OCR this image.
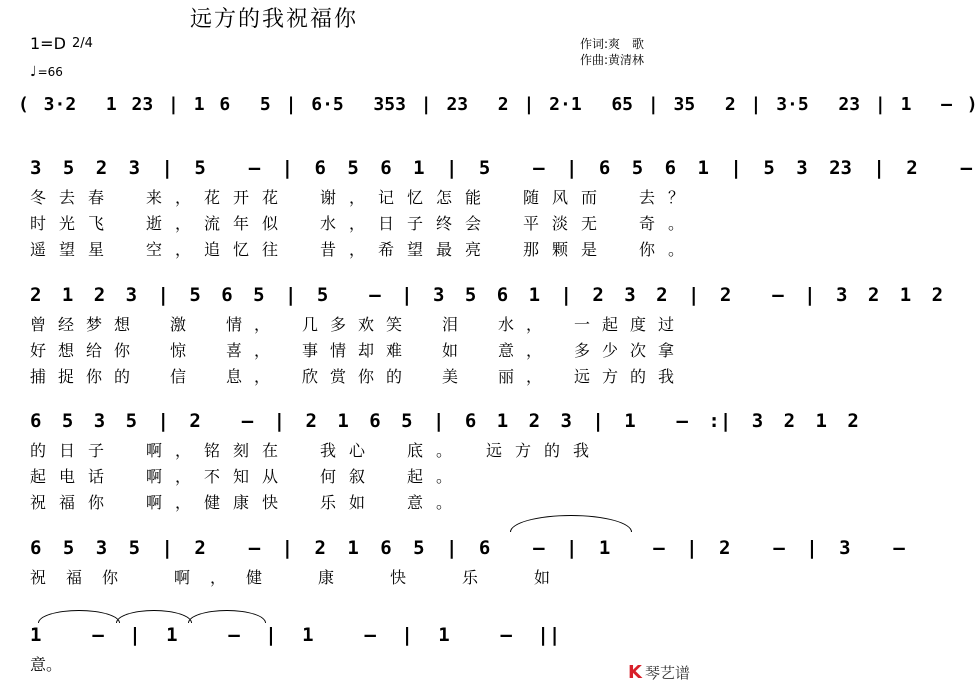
远方的我祝福你
1=D 2/4
♩=66
作词:爽　歌
作曲:黄清林
( 3·2  1 23 | 1 6  5 | 6·5  353 | 23  2 | 2·1  65 | 35  2 | 3·5  23 | 1  – )
3 5 2 3 | 5  – | 6 5 6 1 | 5  – | 6 5 6 1 | 5 3 23 | 2  –
冬去春　来，花开花　谢，记忆怎能　随风而　去？
时光飞　逝，流年似　水，日子终会　平淡无　奇。
遥望星　空，追忆往　昔，希望最亮　那颗是　你。
2 1 2 3 | 5 6 5 | 5  – | 3 5 6 1 | 2 3 2 | 2  – | 3 2 1 2
曾经梦想　激　情，　几多欢笑　泪　水，　一起度过
好想给你　惊　喜，　事情却难　如　意，　多少次拿
捕捉你的　信　息，　欣赏你的　美　丽，　远方的我
6 5 3 5 | 2  – | 2 1 6 5 | 6 1 2 3 | 1  – :| 3 2 1 2
的日子　啊，铭刻在　我心　底。　远方的我
起电话　啊，不知从　何叙　起。
祝福你　啊，健康快　乐如　意。
6 5 3 5 | 2  – | 2 1 6 5 | 6  – | 1  – | 2  – | 3  –
祝福你　啊，健　康　快　乐　如
1  – | 1  – | 1  – | 1  – ||
意。	K 琴艺谱
